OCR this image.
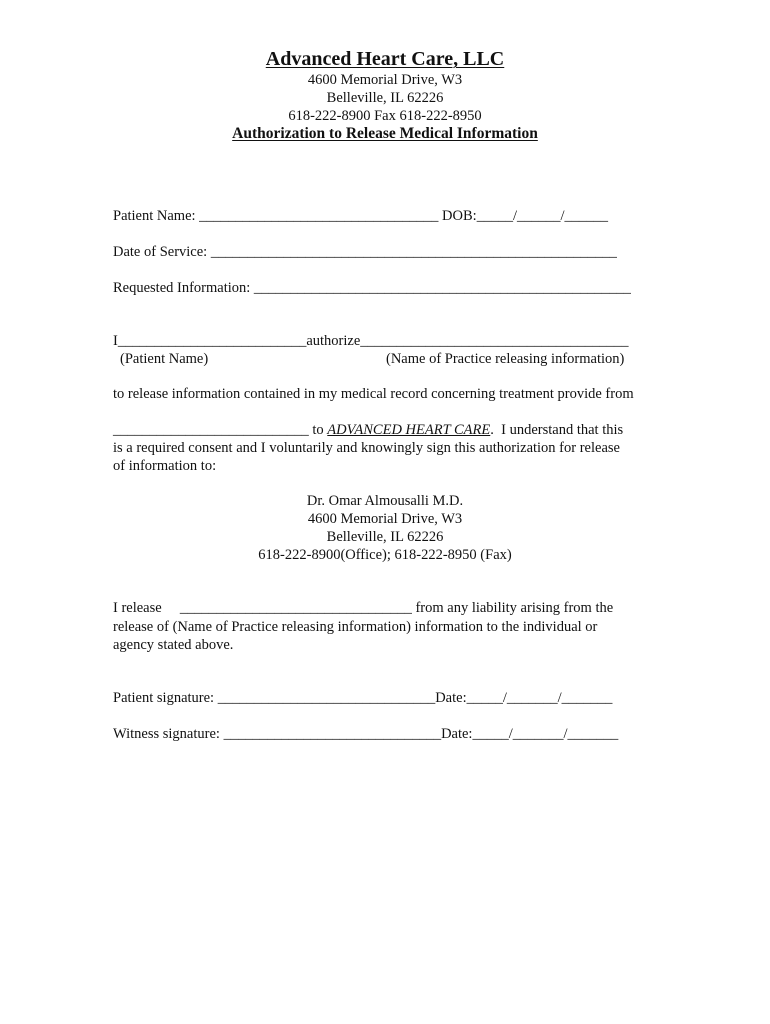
Advanced Heart Care, LLC
4600 Memorial Drive, W3
Belleville, IL 62226
618-222-8900 Fax 618-222-8950
Authorization to Release Medical Information
Patient Name: _________________________________ DOB:_____/______/______
Date of Service: ________________________________________________________
Requested Information: ____________________________________________________
I__________________________authorize_____________________________________
(Patient Name)	(Name of Practice releasing information)
to release information contained in my medical record concerning treatment provide from
___________________________ to ADVANCED HEART CARE.  I understand that this
is a required consent and I voluntarily and knowingly sign this authorization for release
of information to:
Dr. Omar Almousalli M.D.
4600 Memorial Drive, W3
Belleville, IL 62226
618-222-8900(Office); 618-222-8950 (Fax)
I release     ________________________________ from any liability arising from the
release of (Name of Practice releasing information) information to the individual or
agency stated above.
Patient signature: ______________________________Date:_____/_______/_______
Witness signature: ______________________________Date:_____/_______/_______
